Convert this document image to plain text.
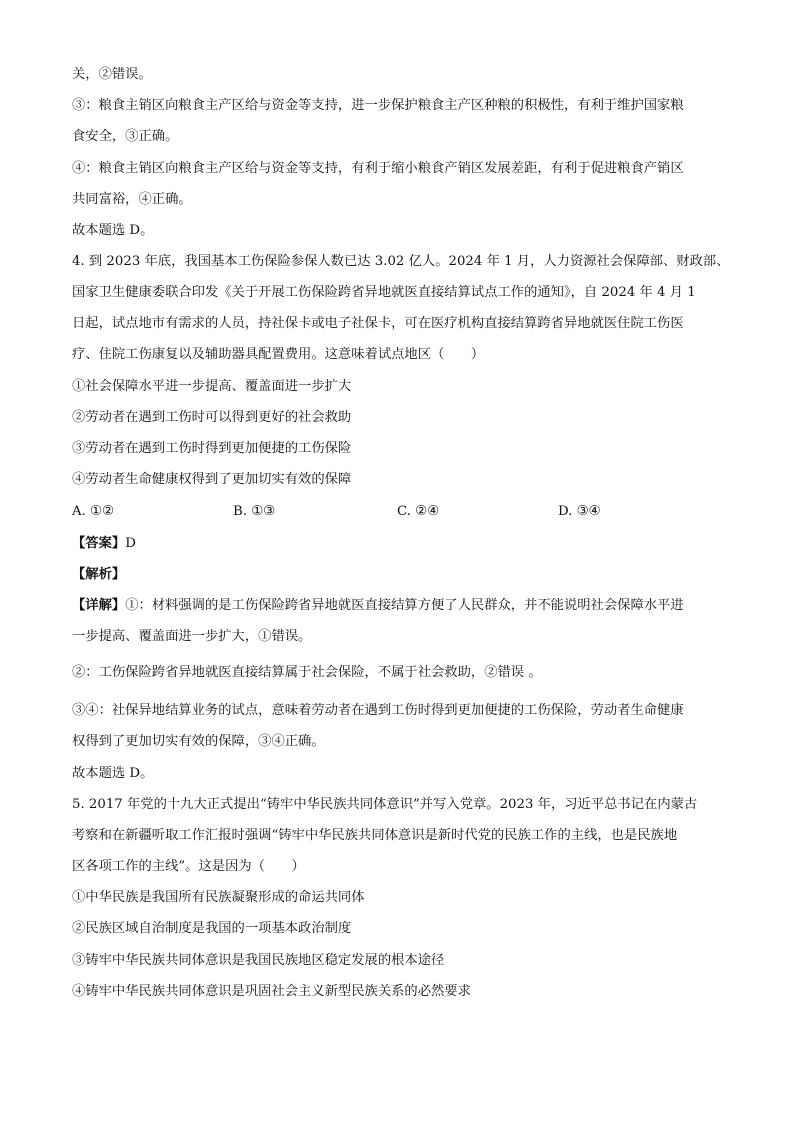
关，②错误。
③：粮食主销区向粮食主产区给与资金等支持，进一步保护粮食主产区种粮的积极性，有利于维护国家粮
食安全，③正确。
④：粮食主销区向粮食主产区给与资金等支持，有利于缩小粮食产销区发展差距，有利于促进粮食产销区
共同富裕，④正确。
故本题选 D。
4. 到 2023 年底，我国基本工伤保险参保人数已达 3.02 亿人。2024 年 1 月，人力资源社会保障部、财政部、
国家卫生健康委联合印发《关于开展工伤保险跨省异地就医直接结算试点工作的通知》，自 2024 年 4 月 1
日起，试点地市有需求的人员，持社保卡或电子社保卡，可在医疗机构直接结算跨省异地就医住院工伤医
疗、住院工伤康复以及辅助器具配置费用。这意味着试点地区（　　）
①社会保障水平进一步提高、覆盖面进一步扩大
②劳动者在遇到工伤时可以得到更好的社会救助
③劳动者在遇到工伤时得到更加便捷的工伤保险
④劳动者生命健康权得到了更加切实有效的保障
A. ①②	B. ①③	C. ②④	D. ③④
【答案】D
【解析】
【详解】①：材料强调的是工伤保险跨省异地就医直接结算方便了人民群众，并不能说明社会保障水平进
一步提高、覆盖面进一步扩大，①错误。
②：工伤保险跨省异地就医直接结算属于社会保险，不属于社会救助，②错误 。
③④：社保异地结算业务的试点，意味着劳动者在遇到工伤时得到更加便捷的工伤保险，劳动者生命健康
权得到了更加切实有效的保障，③④正确。
故本题选 D。
5. 2017 年党的十九大正式提出“铸牢中华民族共同体意识”并写入党章。2023 年，习近平总书记在内蒙古
考察和在新疆听取工作汇报时强调“铸牢中华民族共同体意识是新时代党的民族工作的主线，也是民族地
区各项工作的主线”。这是因为（　　）
①中华民族是我国所有民族凝聚形成的命运共同体
②民族区域自治制度是我国的一项基本政治制度
③铸牢中华民族共同体意识是我国民族地区稳定发展的根本途径
④铸牢中华民族共同体意识是巩固社会主义新型民族关系的必然要求
